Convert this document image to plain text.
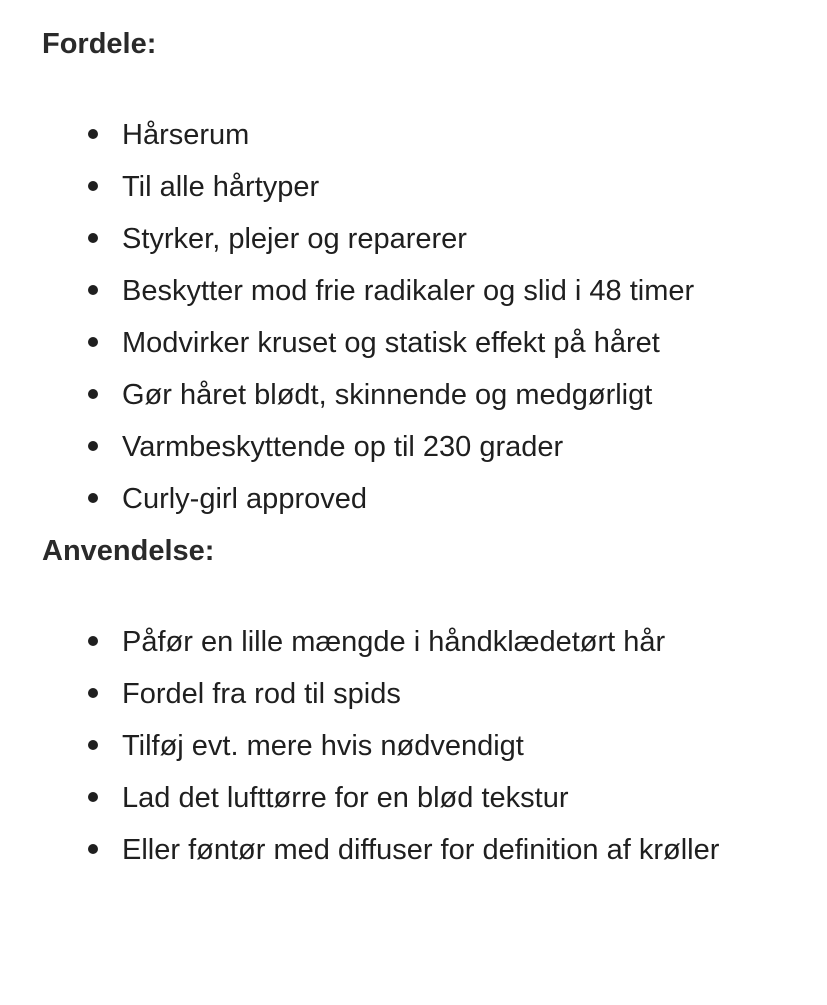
Fordele:
Hårserum
Til alle hårtyper
Styrker, plejer og reparerer
Beskytter mod frie radikaler og slid i 48 timer
Modvirker kruset og statisk effekt på håret
Gør håret blødt, skinnende og medgørligt
Varmbeskyttende op til 230 grader
Curly-girl approved
Anvendelse:
Påfør en lille mængde i håndklædetørt hår
Fordel fra rod til spids
Tilføj evt. mere hvis nødvendigt
Lad det lufttørre for en blød tekstur
Eller føntør med diffuser for definition af krøller
